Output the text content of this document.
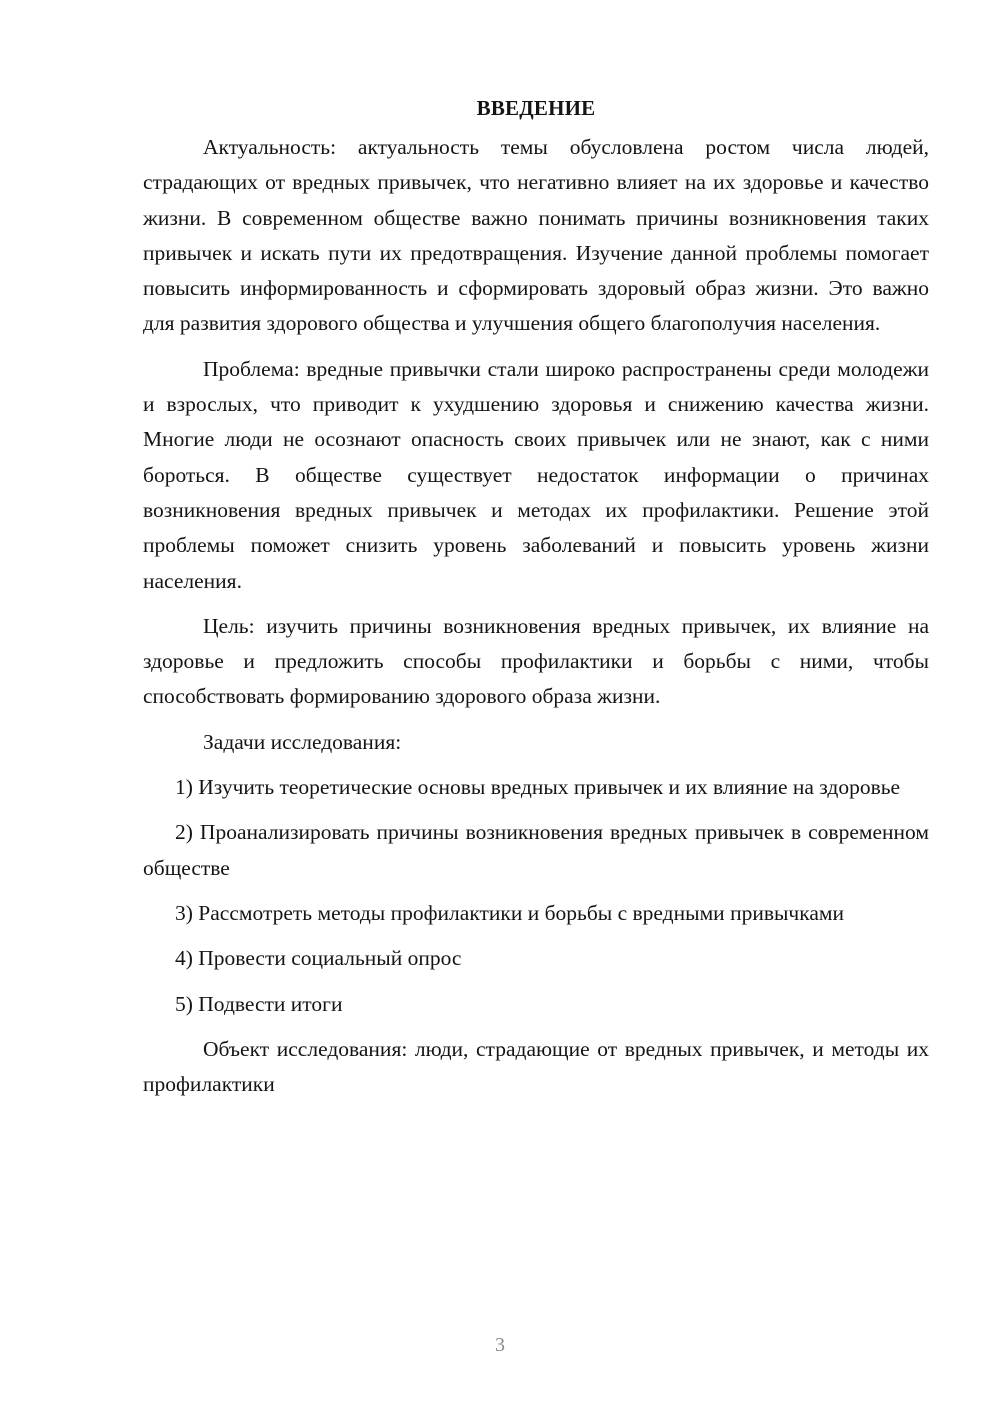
ВВЕДЕНИЕ

Актуальность: актуальность темы обусловлена ростом числа людей, страдающих от вредных привычек, что негативно влияет на их здоровье и качество жизни. В современном обществе важно понимать причины возникновения таких привычек и искать пути их предотвращения. Изучение данной проблемы помогает повысить информированность и сформировать здоровый образ жизни. Это важно для развития здорового общества и улучшения общего благополучия населения.

Проблема: вредные привычки стали широко распространены среди молодежи и взрослых, что приводит к ухудшению здоровья и снижению качества жизни. Многие люди не осознают опасность своих привычек или не знают, как с ними бороться. В обществе существует недостаток информации о причинах возникновения вредных привычек и методах их профилактики. Решение этой проблемы поможет снизить уровень заболеваний и повысить уровень жизни населения.

Цель: изучить причины возникновения вредных привычек, их влияние на здоровье и предложить способы профилактики и борьбы с ними, чтобы способствовать формированию здорового образа жизни.

Задачи исследования:

1) Изучить теоретические основы вредных привычек и их влияние на здоровье

2) Проанализировать причины возникновения вредных привычек в современном обществе

3) Рассмотреть методы профилактики и борьбы с вредными привычками

4) Провести социальный опрос

5) Подвести итоги

Объект исследования: люди, страдающие от вредных привычек, и методы их профилактики

3
